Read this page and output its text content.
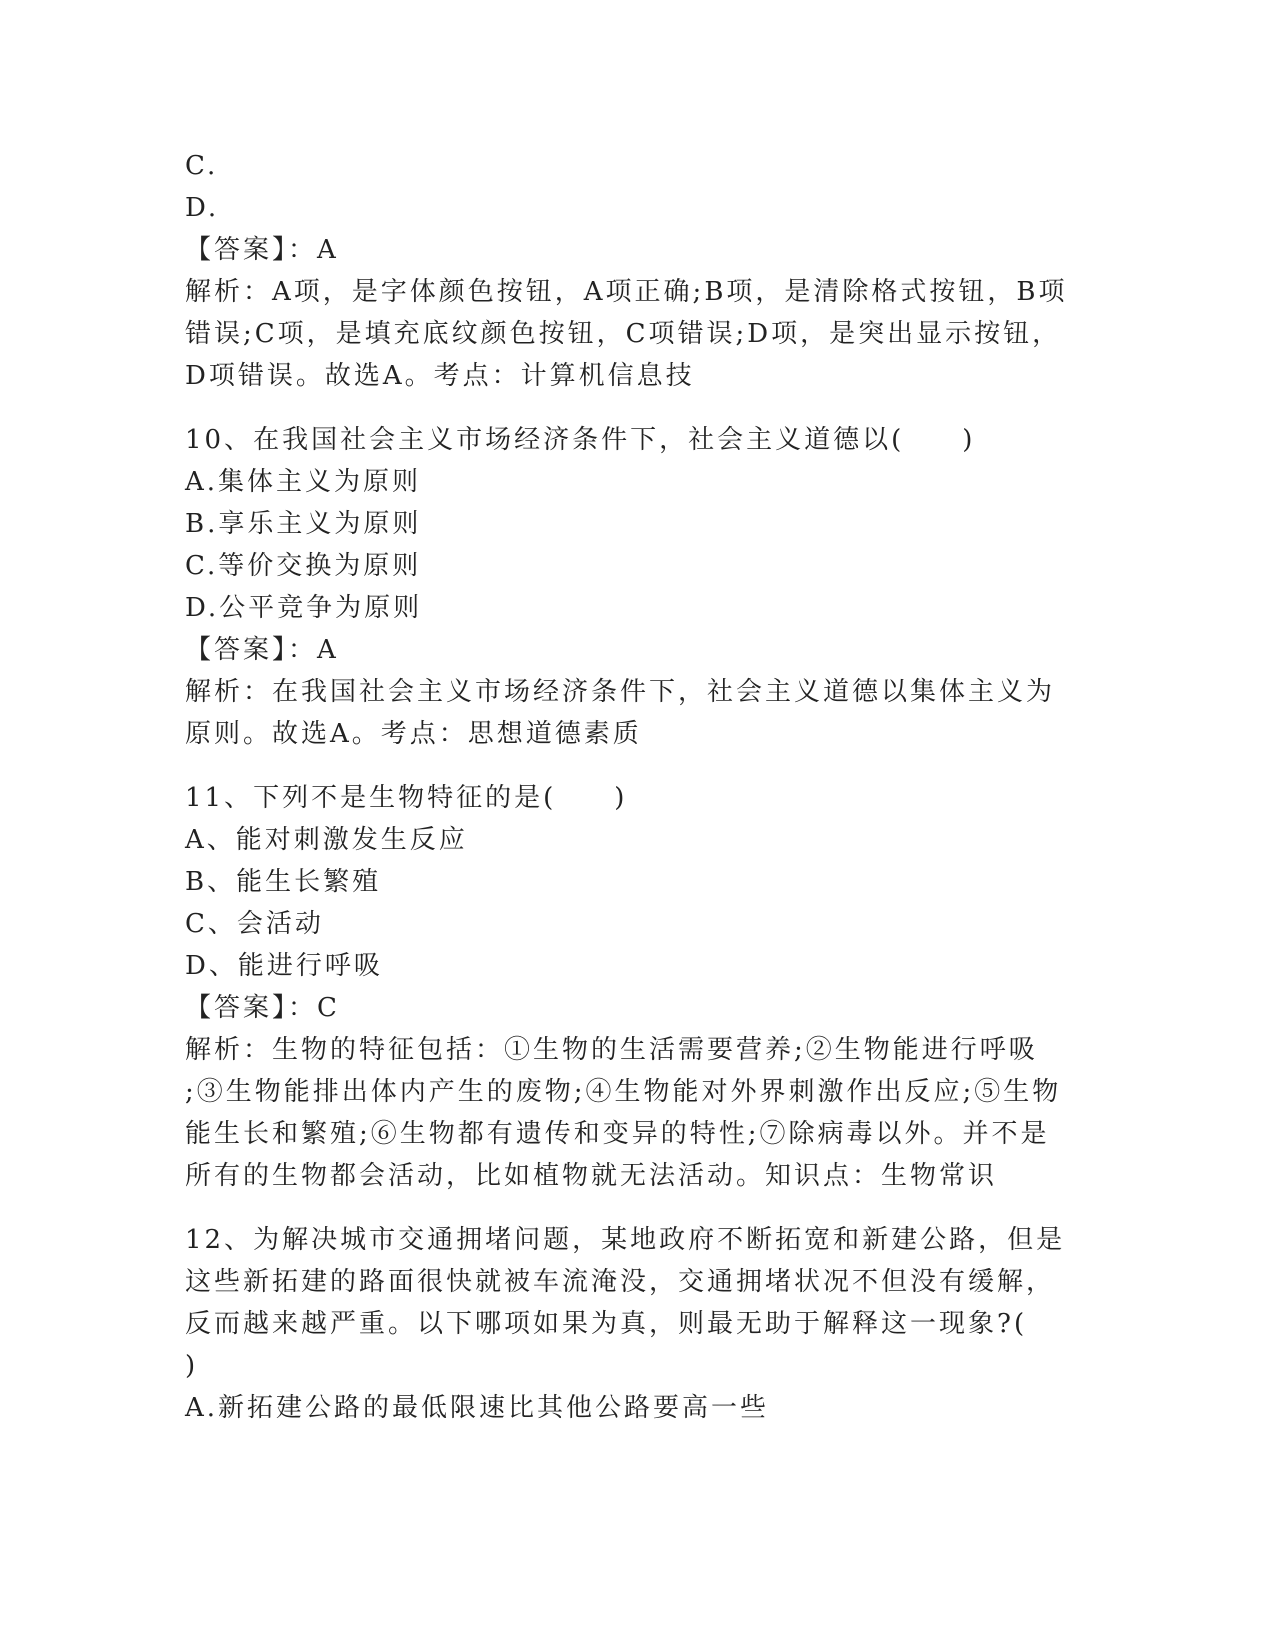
C.
D.
【答案】：A
解析：A项，是字体颜色按钮，A项正确;B项，是清除格式按钮，B项
错误;C项，是填充底纹颜色按钮，C项错误;D项，是突出显示按钮，
D项错误。故选A。考点：计算机信息技
10、在我国社会主义市场经济条件下，社会主义道德以(　　)
A.集体主义为原则
B.享乐主义为原则
C.等价交换为原则
D.公平竞争为原则
【答案】：A
解析：在我国社会主义市场经济条件下，社会主义道德以集体主义为
原则。故选A。考点：思想道德素质
11、下列不是生物特征的是(　　)
A、能对刺激发生反应
B、能生长繁殖
C、会活动
D、能进行呼吸
【答案】：C
解析：生物的特征包括：①生物的生活需要营养;②生物能进行呼吸
;③生物能排出体内产生的废物;④生物能对外界刺激作出反应;⑤生物
能生长和繁殖;⑥生物都有遗传和变异的特性;⑦除病毒以外。并不是
所有的生物都会活动，比如植物就无法活动。知识点：生物常识
12、为解决城市交通拥堵问题，某地政府不断拓宽和新建公路，但是
这些新拓建的路面很快就被车流淹没，交通拥堵状况不但没有缓解，
反而越来越严重。以下哪项如果为真，则最无助于解释这一现象?(
)
A.新拓建公路的最低限速比其他公路要高一些
